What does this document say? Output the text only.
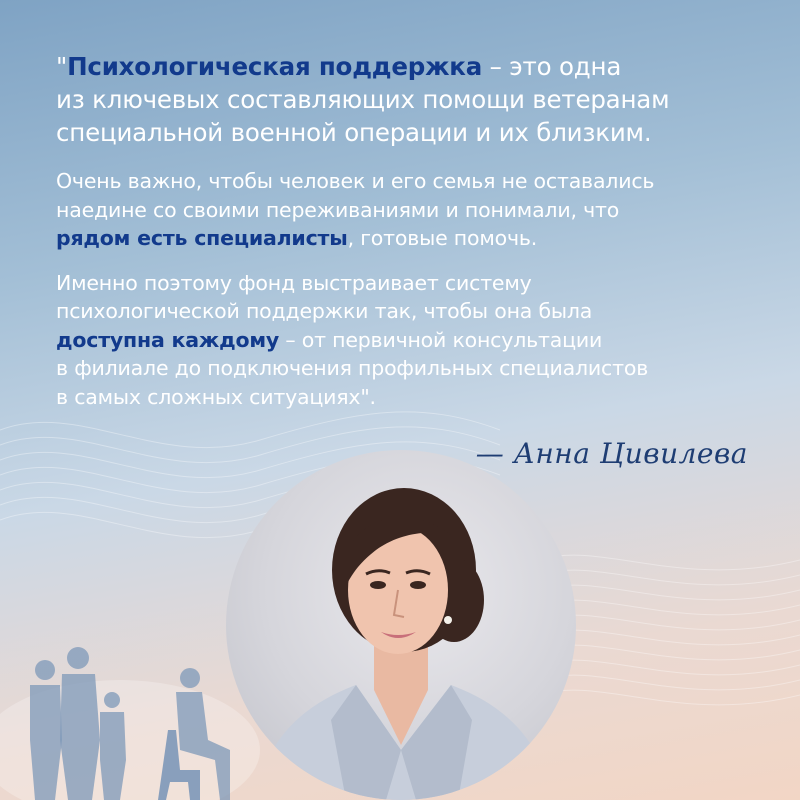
"Психологическая поддержка – это одна
из ключевых составляющих помощи ветеранам
специальной военной операции и их близким.

Очень важно, чтобы человек и его семья не оставались
наедине со своими переживаниями и понимали, что
рядом есть специалисты, готовые помочь.

Именно поэтому фонд выстраивает систему
психологической поддержки так, чтобы она была
доступна каждому – от первичной консультации
в филиале до подключения профильных специалистов
в самых сложных ситуациях".

— Анна Цивилева
